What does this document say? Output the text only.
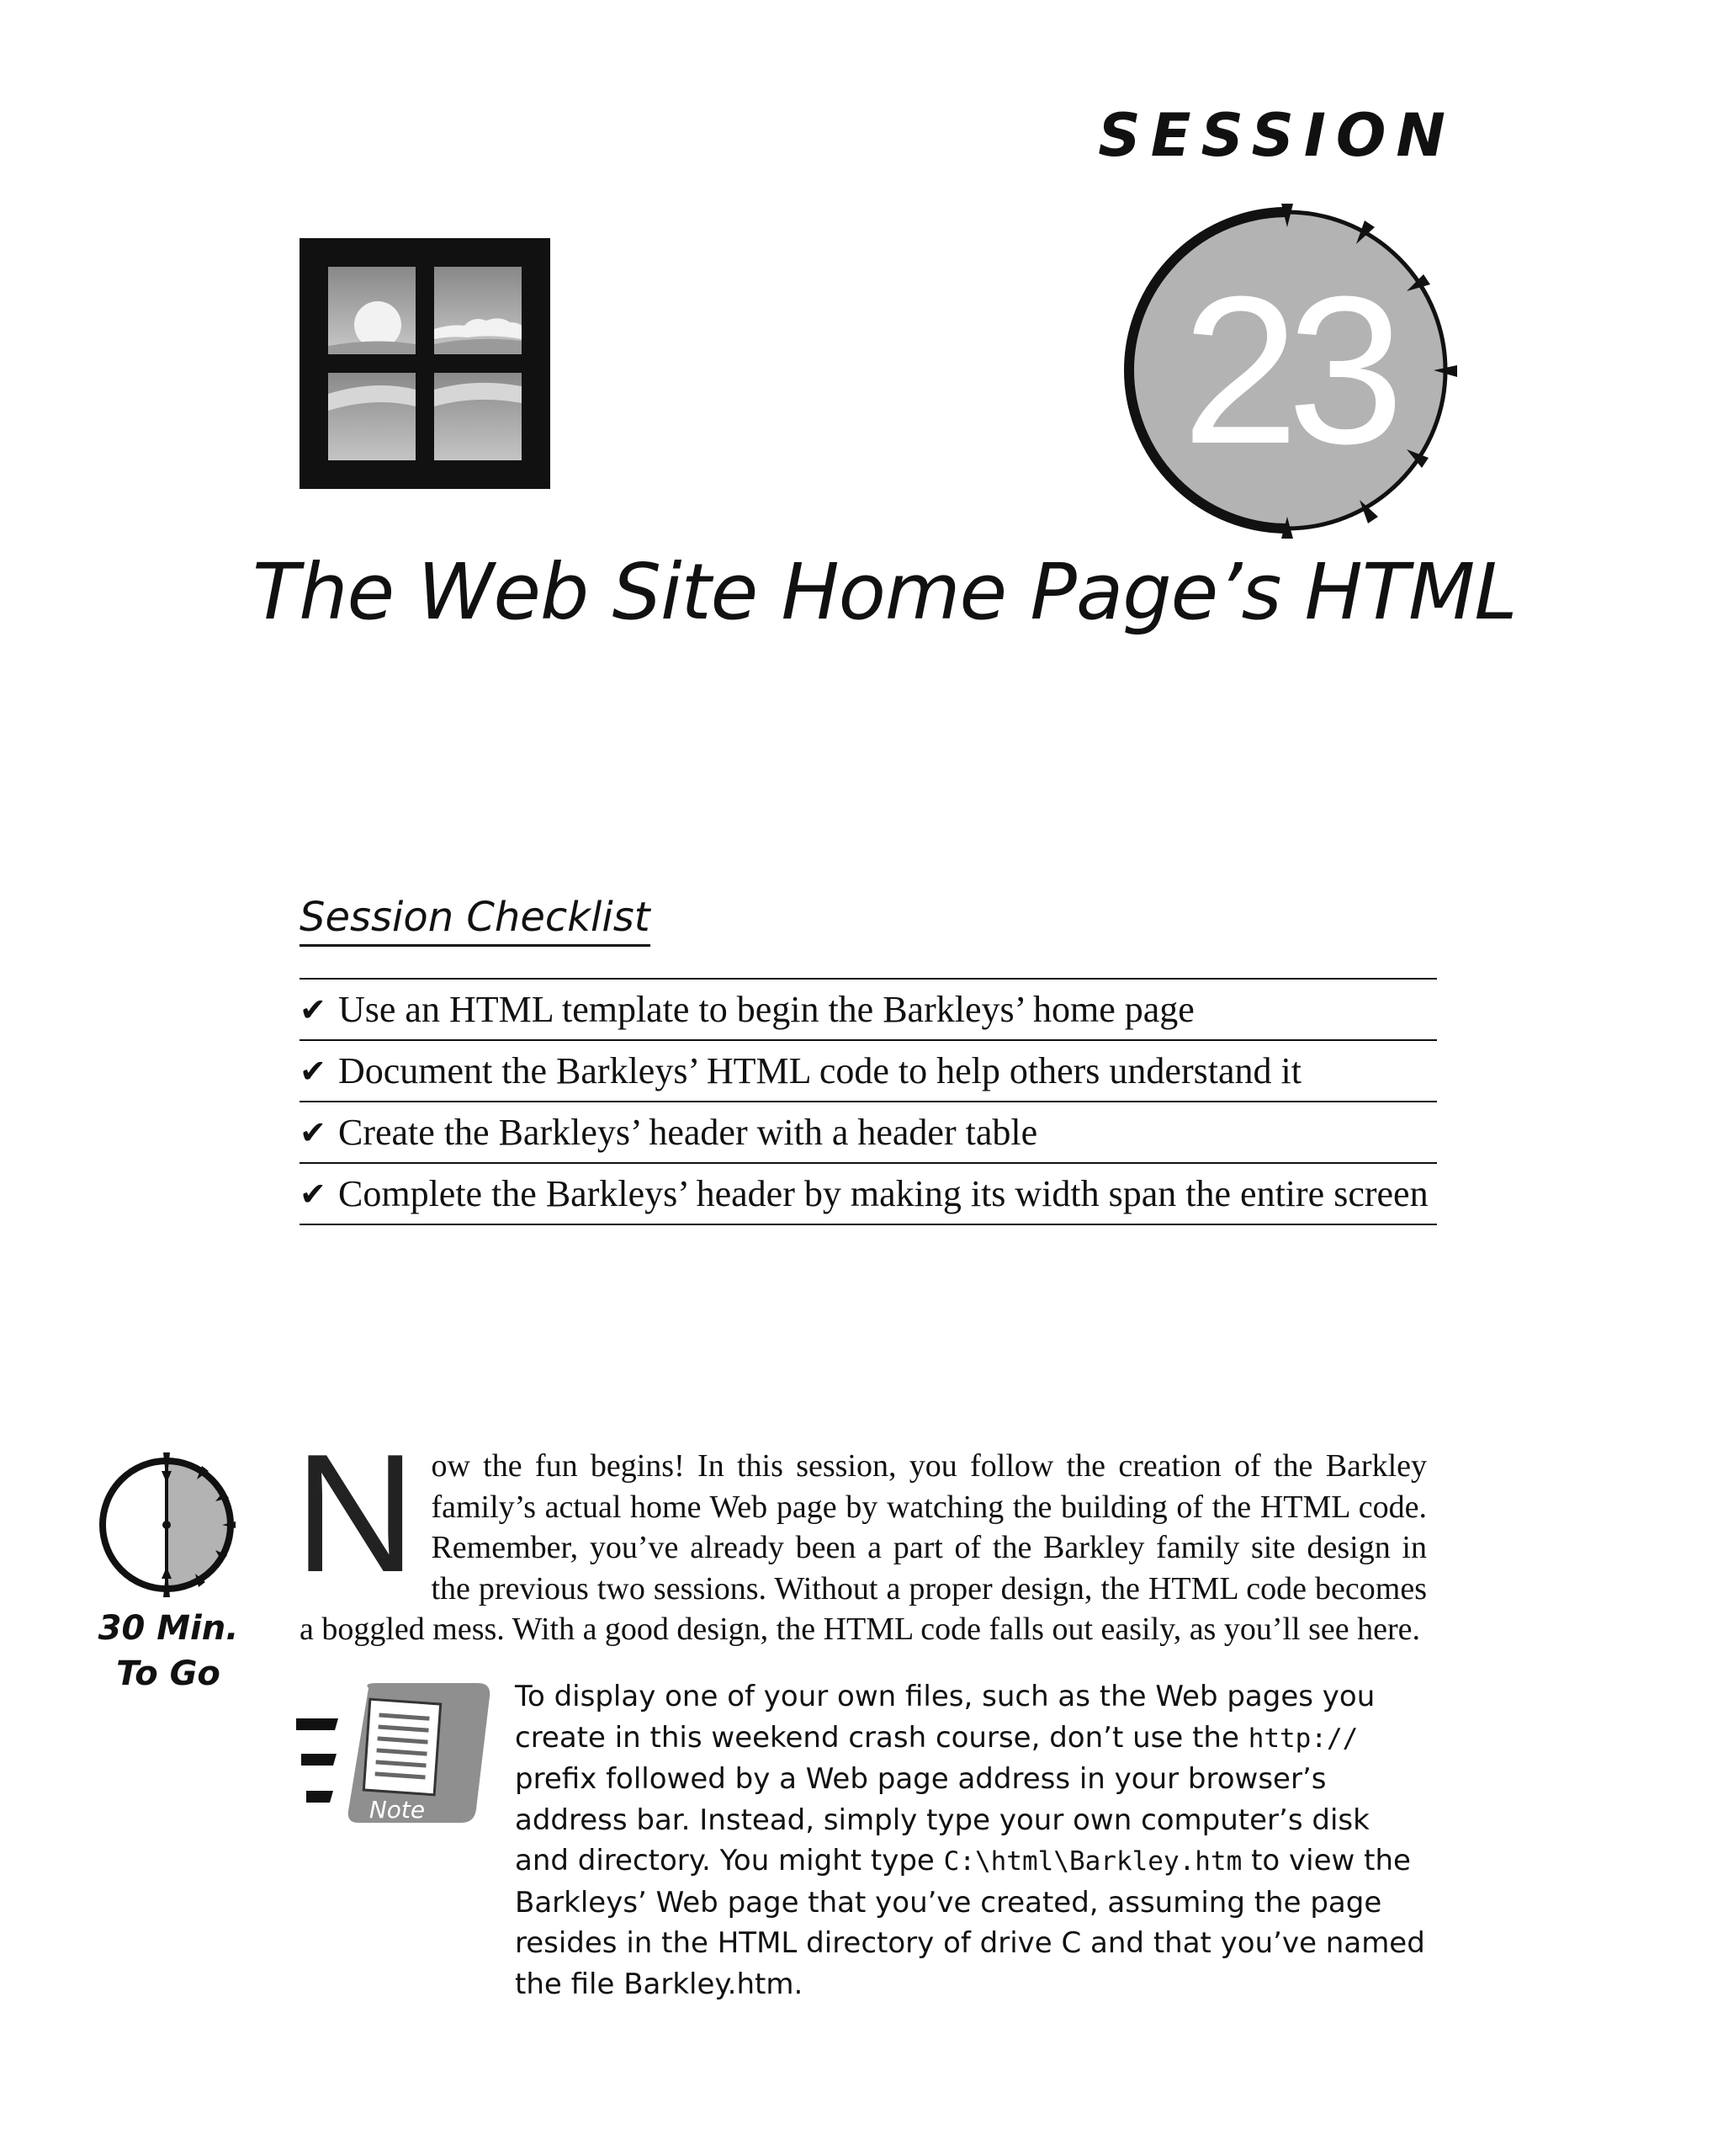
SESSION
23
The Web Site Home Page’s HTML
Session Checklist
✔ Use an HTML template to begin the Barkleys’ home page
✔ Document the Barkleys’ HTML code to help others understand it
✔ Create the Barkleys’ header with a header table
✔ Complete the Barkleys’ header by making its width span the entire screen
30 Min.
To Go

Now the fun begins! In this session, you follow the creation of the Barkley family’s actual home Web page by watching the building of the HTML code. Remember, you’ve already been a part of the Barkley family site design in the previous two sessions. Without a proper design, the HTML code becomes a boggled mess. With a good design, the HTML code falls out easily, as you’ll see here.

Note

To display one of your own files, such as the Web pages you create in this weekend crash course, don’t use the http:// prefix followed by a Web page address in your browser’s address bar. Instead, simply type your own computer’s disk and directory. You might type C:\html\Barkley.htm to view the Barkleys’ Web page that you’ve created, assuming the page resides in the HTML directory of drive C and that you’ve named the file Barkley.htm.
